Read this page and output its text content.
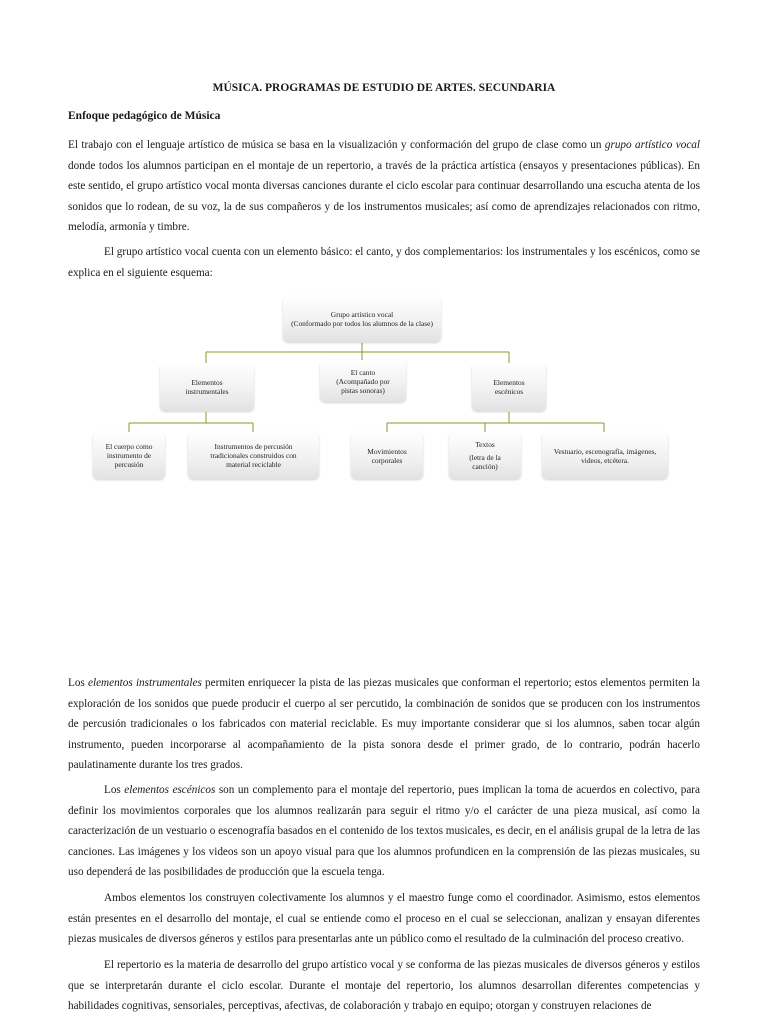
MÚSICA. PROGRAMAS DE ESTUDIO DE ARTES. SECUNDARIA
Enfoque pedagógico de Música

El trabajo con el lenguaje artístico de música se basa en la visualización y conformación del grupo de clase como un grupo artístico vocal donde todos los alumnos participan en el montaje de un repertorio, a través de la práctica artística (ensayos y presentaciones públicas). En este sentido, el grupo artístico vocal monta diversas canciones durante el ciclo escolar para continuar desarrollando una escucha atenta de los sonidos que lo rodean, de su voz, la de sus compañeros y de los instrumentos musicales; así como de aprendizajes relacionados con ritmo, melodía, armonía y timbre.

El grupo artístico vocal cuenta con un elemento básico: el canto, y dos complementarios: los instrumentales y los escénicos, como se explica en el siguiente esquema:

Grupo artístico vocal
(Conformado por todos los alumnos de la clase)
Elementos instrumentales
El canto
(Acompañado por pistas sonoras)
Elementos escénicos
El cuerpo como instrumento de percusión
Instrumentos de percusión tradicionales construidos con material reciclable
Movimientos corporales
Textos
(letra de la canción)
Vestuario, escenografía, imágenes, videos, etcétera.

Los elementos instrumentales permiten enriquecer la pista de las piezas musicales que conforman el repertorio; estos elementos permiten la exploración de los sonidos que puede producir el cuerpo al ser percutido, la combinación de sonidos que se producen con los instrumentos de percusión tradicionales o los fabricados con material reciclable. Es muy importante considerar que si los alumnos, saben tocar algún instrumento, pueden incorporarse al acompañamiento de la pista sonora desde el primer grado, de lo contrario, podrán hacerlo paulatinamente durante los tres grados.

Los elementos escénicos son un complemento para el montaje del repertorio, pues implican la toma de acuerdos en colectivo, para definir los movimientos corporales que los alumnos realizarán para seguir el ritmo y/o el carácter de una pieza musical, así como la caracterización de un vestuario o escenografía basados en el contenido de los textos musicales, es decir, en el análisis grupal de la letra de las canciones. Las imágenes y los videos son un apoyo visual para que los alumnos profundicen en la comprensión de las piezas musicales, su uso dependerá de las posibilidades de producción que la escuela tenga.

Ambos elementos los construyen colectivamente los alumnos y el maestro funge como el coordinador. Asimismo, estos elementos están presentes en el desarrollo del montaje, el cual se entiende como el proceso en el cual se seleccionan, analizan y ensayan diferentes piezas musicales de diversos géneros y estilos para presentarlas ante un público como el resultado de la culminación del proceso creativo.

El repertorio es la materia de desarrollo del grupo artístico vocal y se conforma de las piezas musicales de diversos géneros y estilos que se interpretarán durante el ciclo escolar. Durante el montaje del repertorio, los alumnos desarrollan diferentes competencias y habilidades cognitivas, sensoriales, perceptivas, afectivas, de colaboración y trabajo en equipo; otorgan y construyen relaciones de
